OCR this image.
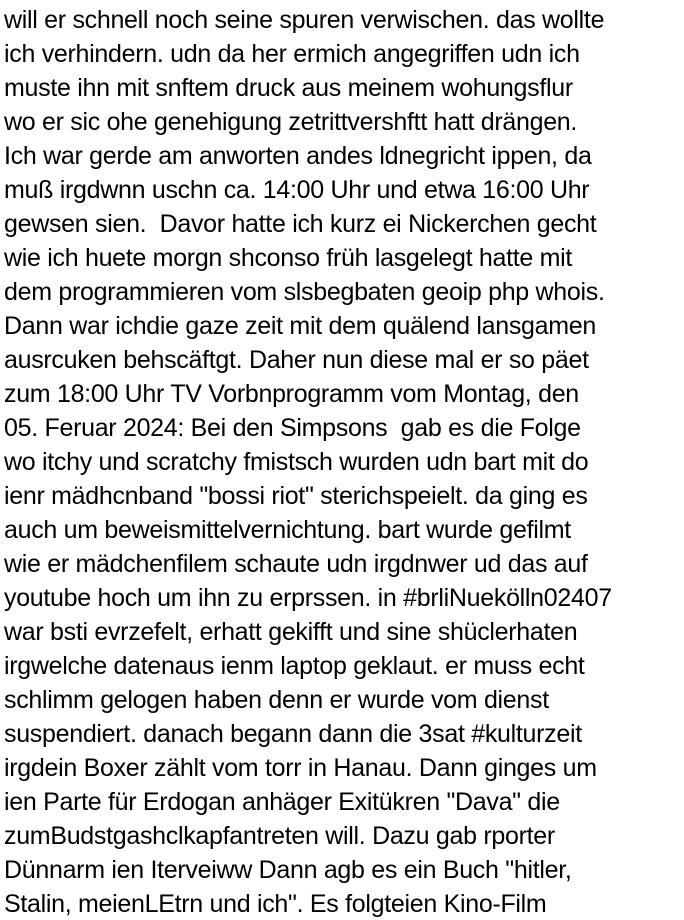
will er schnell noch seine spuren verwischen. das wollte
ich verhindern. udn da her ermich angegriffen udn ich
muste ihn mit snftem druck aus meinem wohungsflur
wo er sic ohe genehigung zetrittvershftt hatt drängen.
Ich war gerde am anworten andes ldnegricht ippen, da
muß irgdwnn uschn ca. 14:00 Uhr und etwa 16:00 Uhr
gewsen sien.  Davor hatte ich kurz ei Nickerchen gecht
wie ich huete morgn shconso früh lasgelegt hatte mit
dem programmieren vom slsbegbaten geoip php whois.
Dann war ichdie gaze zeit mit dem quälend lansgamen
ausrcuken behscäftgt. Daher nun diese mal er so päet
zum 18:00 Uhr TV Vorbnprogramm vom Montag, den
05. Feruar 2024: Bei den Simpsons  gab es die Folge
wo itchy und scratchy fmistsch wurden udn bart mit do
ienr mädhcnband "bossi riot" sterichspeielt. da ging es
auch um beweismittelvernichtung. bart wurde gefilmt
wie er mädchenfilem schaute udn irgdnwer ud das auf
youtube hoch um ihn zu erprssen. in #brliNuekölln02407
war bsti evrzefelt, erhatt gekifft und sine shüclerhaten
irgwelche datenaus ienm laptop geklaut. er muss echt
schlimm gelogen haben denn er wurde vom dienst
suspendiert. danach begann dann die 3sat #kulturzeit
irgdein Boxer zählt vom torr in Hanau. Dann ginges um
ien Parte für Erdogan anhäger Exitükren "Dava" die
zumBudstgashclkapfantreten will. Dazu gab rporter
Dünnarm ien Iterveiww Dann agb es ein Buch "hitler,
Stalin, meienLEtrn und ich". Es folgteien Kino-Film
